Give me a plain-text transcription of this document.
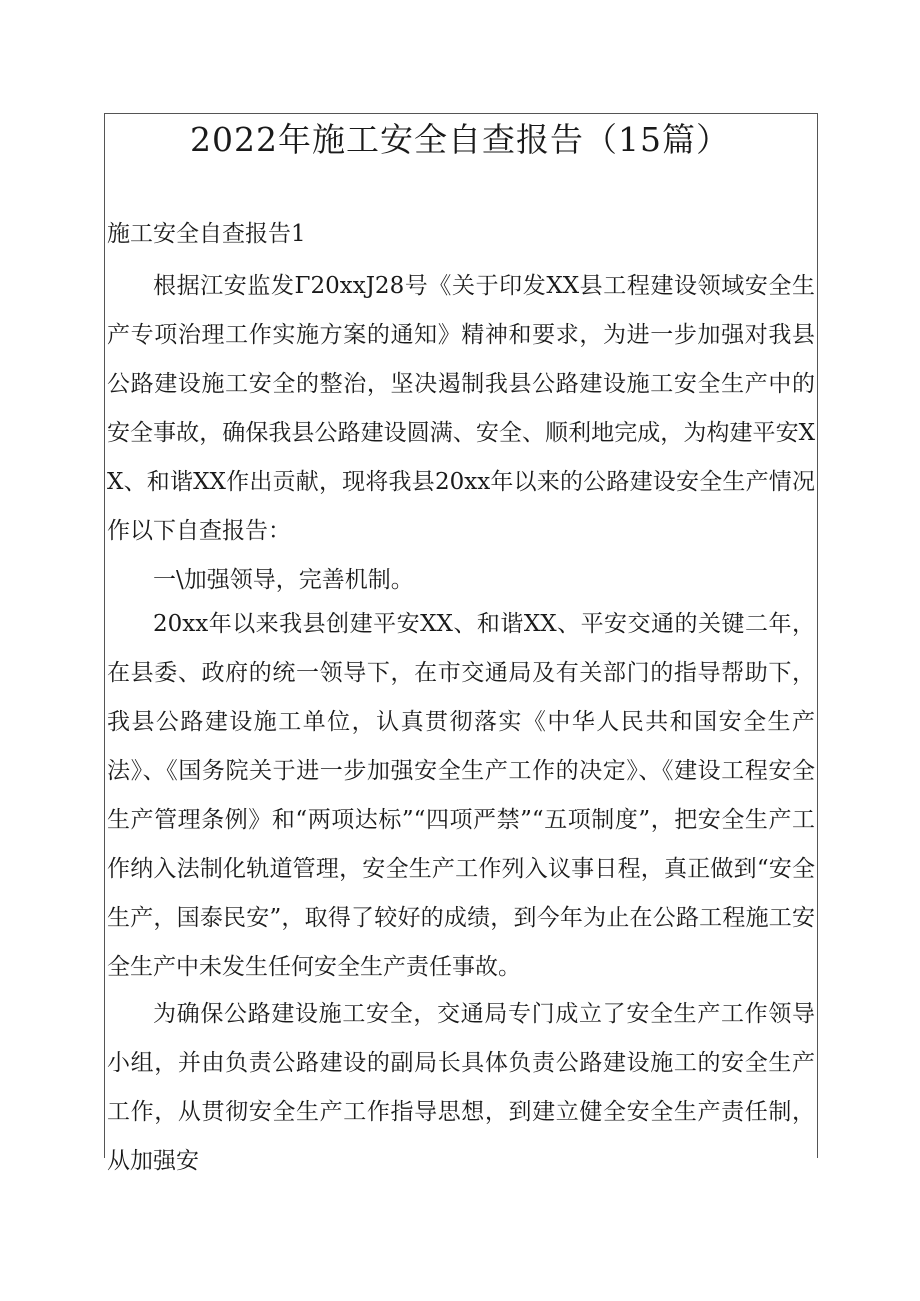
2022年施工安全自查报告（15篇）
施工安全自查报告1

根据江安监发Γ20xxJ28号《关于印发XX县工程建设领域安全生产专项治理工作实施方案的通知》精神和要求，为进一步加强对我县公路建设施工安全的整治，坚决遏制我县公路建设施工安全生产中的安全事故，确保我县公路建设圆满、安全、顺利地完成，为构建平安XX、和谐XX作出贡献，现将我县20xx年以来的公路建设安全生产情况作以下自查报告：

一\加强领导，完善机制。

20xx年以来我县创建平安XX、和谐XX、平安交通的关键二年，在县委、政府的统一领导下，在市交通局及有关部门的指导帮助下，我县公路建设施工单位，认真贯彻落实《中华人民共和国安全生产法》、《国务院关于进一步加强安全生产工作的决定》、《建设工程安全生产管理条例》和“两项达标”“四项严禁”“五项制度”，把安全生产工作纳入法制化轨道管理，安全生产工作列入议事日程，真正做到“安全生产，国泰民安”，取得了较好的成绩，到今年为止在公路工程施工安全生产中未发生任何安全生产责任事故。

为确保公路建设施工安全，交通局专门成立了安全生产工作领导小组，并由负责公路建设的副局长具体负责公路建设施工的安全生产工作，从贯彻安全生产工作指导思想，到建立健全安全生产责任制，从加强安
